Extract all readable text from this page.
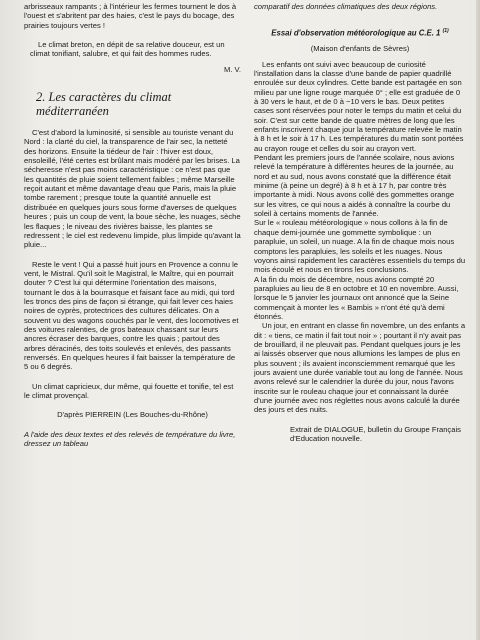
arbrisseaux rampants ; à l'intérieur les fermes tournent le dos à l'ouest et s'abritent par des haies, c'est le pays du bocage, des prairies toujours vertes !

Le climat breton, en dépit de sa relative douceur, est un climat tonifiant, salubre, et qui fait des hommes rudes.

M. V.

2. Les caractères du climat méditerranéen

C'est d'abord la luminosité, si sensible au touriste venant du Nord : la clarté du ciel, la transparence de l'air sec, la netteté des horizons. Ensuite la tiédeur de l'air : l'hiver est doux, ensoleillé, l'été certes est brûlant mais modéré par les brises. La sécheresse n'est pas moins caractéristique : ce n'est pas que les quantités de pluie soient tellement faibles ; même Marseille reçoit autant et même davantage d'eau que Paris, mais la pluie tombe rarement ; presque toute la quantité annuelle est distribuée en quelques jours sous forme d'averses de quelques heures ; puis un coup de vent, la boue sèche, les nuages, sèche les flaques ; le niveau des rivières baisse, les plantes se redressent ; le ciel est redevenu limpide, plus limpide qu'avant la pluie...

Reste le vent ! Qui a passé huit jours en Provence a connu le vent, le Mistral. Qu'il soit le Magistral, le Maître, qui en pourrait douter ? C'est lui qui détermine l'orientation des maisons, tournant le dos à la bourrasque et faisant face au midi, qui tord les troncs des pins de façon si étrange, qui fait lever ces haies noires de cyprès, protectrices des cultures délicates. On a souvent vu des wagons couchés par le vent, des locomotives et des voitures ralenties, de gros bateaux chassant sur leurs ancres écraser des barques, contre les quais ; partout des arbres déracinés, des toits soulevés et enlevés, des passants renversés. En quelques heures il fait baisser la température de 5 ou 6 degrés.

Un climat capricieux, dur même, qui fouette et tonifie, tel est le climat provençal.

D'après PIERREIN (Les Bouches-du-Rhône)

A l'aide des deux textes et des relevés de température du livre, dressez un tableau

comparatif des données climatiques des deux régions.

Essai d'observation météorologique au C.E. 1 $^{(1)}$

(Maison d'enfants de Sèvres)

Les enfants ont suivi avec beaucoup de curiosité l'installation dans la classe d'une bande de papier quadrillé enroulée sur deux cylindres. Cette bande est partagée en son milieu par une ligne rouge marquée 0° ; elle est graduée de 0 à 30 vers le haut, et de 0 à −10 vers le bas. Deux petites cases sont réservées pour noter le temps du matin et celui du soir. C'est sur cette bande de quatre mètres de long que les enfants inscrivent chaque jour la température relevée le matin à 8 h et le soir à 17 h. Les températures du matin sont portées au crayon rouge et celles du soir au crayon vert.

Pendant les premiers jours de l'année scolaire, nous avions relevé la température à différentes heures de la journée, au nord et au sud, nous avons constaté que la différence était minime (à peine un degré) à 8 h et à 17 h, par contre très importante à midi. Nous avons collé des gommettes orange sur les vitres, ce qui nous a aidés à connaître la courbe du soleil à certains moments de l'année.

Sur le « rouleau météorologique » nous collons à la fin de chaque demi-journée une gommette symbolique : un parapluie, un soleil, un nuage. A la fin de chaque mois nous comptons les parapluies, les soleils et les nuages. Nous voyons ainsi rapidement les caractères essentiels du temps du mois écoulé et nous en tirons les conclusions.

A la fin du mois de décembre, nous avions compté 20 parapluies au lieu de 8 en octobre et 10 en novembre. Aussi, lorsque le 5 janvier les journaux ont annoncé que la Seine commençait à monter les « Bambis » n'ont été qu'à demi étonnés.

Un jour, en entrant en classe fin novembre, un des enfants a dit : « tiens, ce matin il fait tout noir » ; pourtant il n'y avait pas de brouillard, il ne pleuvait pas. Pendant quelques jours je les ai laissés observer que nous allumions les lampes de plus en plus souvent ; ils avaient inconsciemment remarqué que les jours avaient une durée variable tout au long de l'année. Nous avons relevé sur le calendrier la durée du jour, nous l'avons inscrite sur le rouleau chaque jour et connaissant la durée d'une journée avec nos réglettes nous avons calculé la durée des jours et des nuits.

Extrait de DIALOGUE, bulletin du Groupe Français d'Education nouvelle.
